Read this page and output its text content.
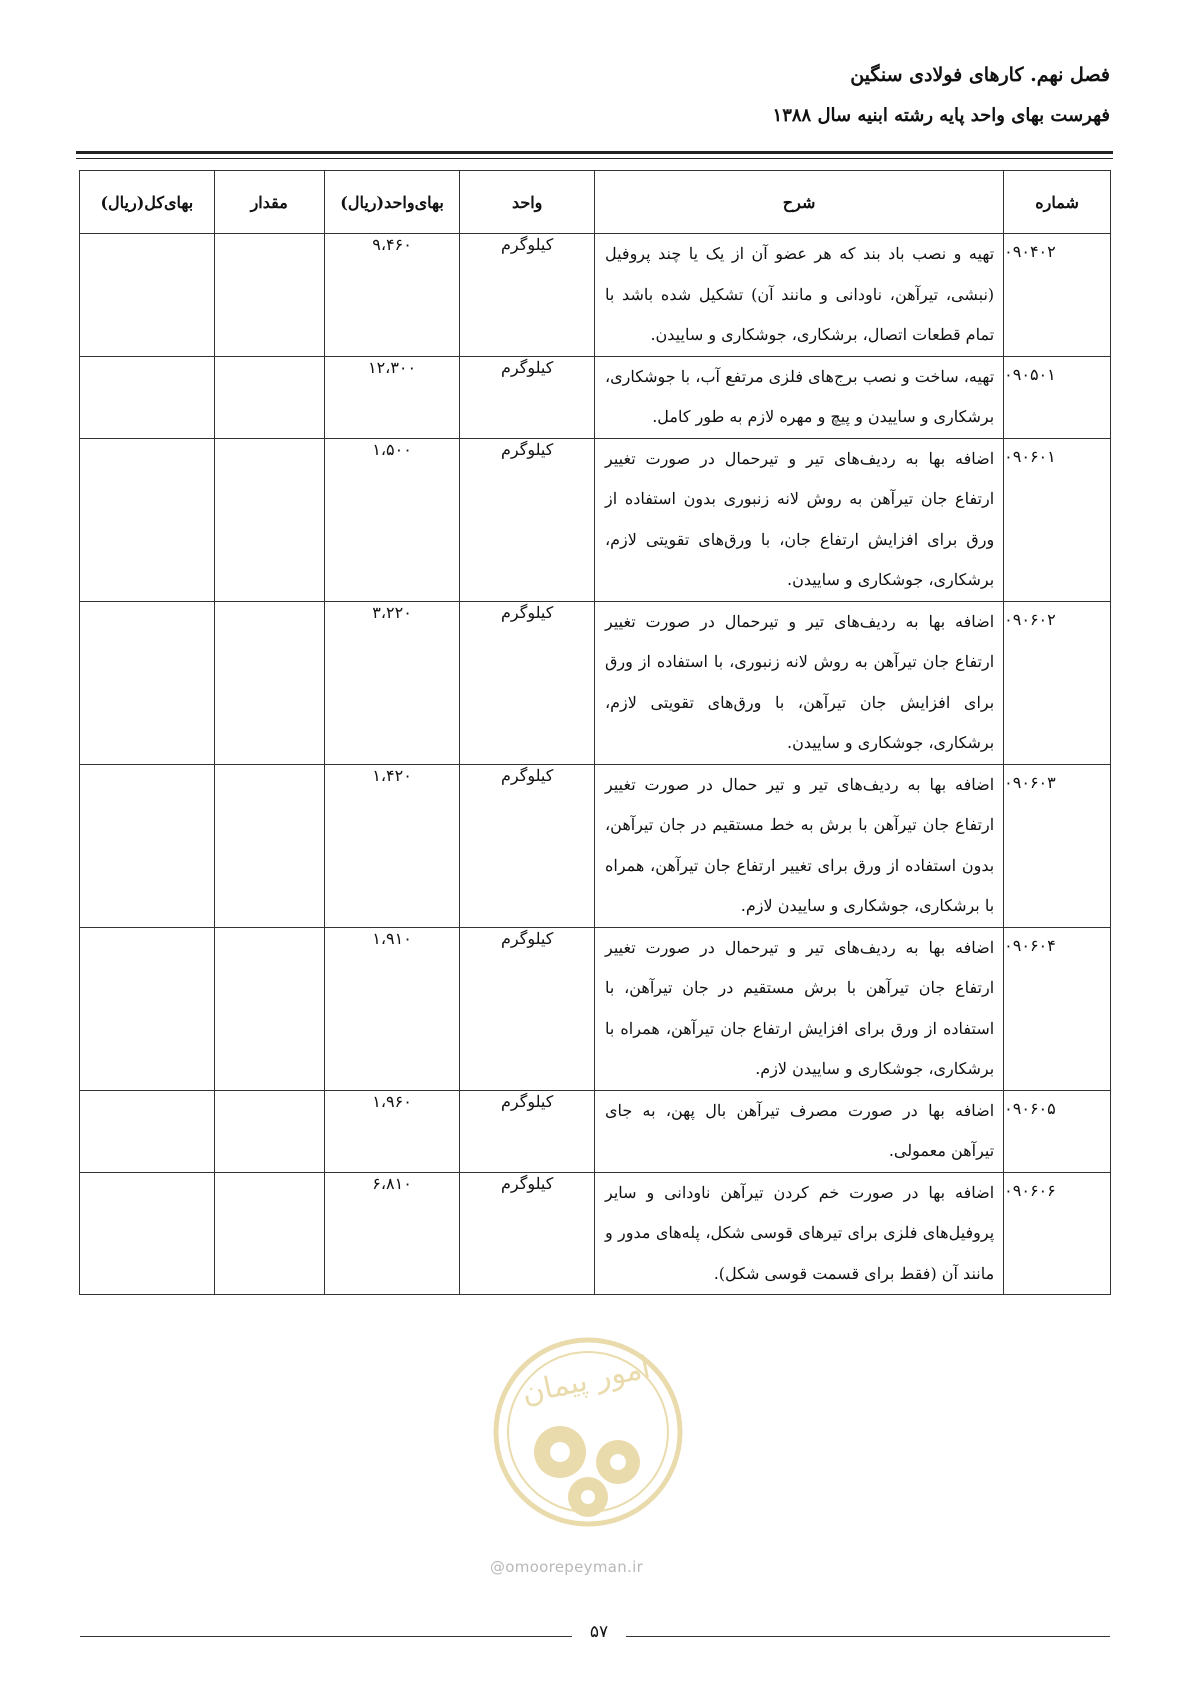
فصل نهم. کارهای فولادی سنگین
فهرست بهای واحد پایه رشته ابنیه سال ۱۳۸۸
شماره	شرح	واحد	بهای‌واحد(ریال)	مقدار	بهای‌کل(ریال)
۰۹۰۴۰۲	تهیه و نصب باد بند که هر عضو آن از یک یا چند پروفیل (نبشی، تیرآهن، ناودانی و مانند آن) تشکیل شده باشد با تمام قطعات اتصال، برشکاری، جوشکاری و ساییدن.	کیلوگرم	۹،۴۶۰		
۰۹۰۵۰۱	تهیه، ساخت و نصب برج‌های فلزی مرتفع آب، با جوشکاری، برشکاری و ساییدن و پیچ و مهره لازم به طور کامل.	کیلوگرم	۱۲،۳۰۰		
۰۹۰۶۰۱	اضافه بها به ردیف‌های تیر و تیرحمال در صورت تغییر ارتفاع جان تیرآهن به روش لانه زنبوری بدون استفاده از ورق برای افزایش ارتفاع جان، با ورق‌های تقویتی لازم، برشکاری، جوشکاری و ساییدن.	کیلوگرم	۱،۵۰۰		
۰۹۰۶۰۲	اضافه بها به ردیف‌های تیر و تیرحمال در صورت تغییر ارتفاع جان تیرآهن به روش لانه زنبوری، با استفاده از ورق برای افزایش جان تیرآهن، با ورق‌های تقویتی لازم، برشکاری، جوشکاری و ساییدن.	کیلوگرم	۳،۲۲۰		
۰۹۰۶۰۳	اضافه بها به ردیف‌های تیر و تیر حمال در صورت تغییر ارتفاع جان تیرآهن با برش به خط مستقیم در جان تیرآهن، بدون استفاده از ورق برای تغییر ارتفاع جان تیرآهن، همراه با برشکاری، جوشکاری و ساییدن لازم.	کیلوگرم	۱،۴۲۰		
۰۹۰۶۰۴	اضافه بها به ردیف‌های تیر و تیرحمال در صورت تغییر ارتفاع جان تیرآهن با برش مستقیم در جان تیرآهن، با استفاده از ورق برای افزایش ارتفاع جان تیرآهن، همراه با برشکاری، جوشکاری و ساییدن لازم.	کیلوگرم	۱،۹۱۰		
۰۹۰۶۰۵	اضافه بها در صورت مصرف تیرآهن بال پهن، به جای تیرآهن معمولی.	کیلوگرم	۱،۹۶۰		
۰۹۰۶۰۶	اضافه بها در صورت خم کردن تیرآهن ناودانی و سایر پروفیل‌های فلزی برای تیرهای قوسی شکل، پله‌های مدور و مانند آن (فقط برای قسمت قوسی شکل).	کیلوگرم	۶،۸۱۰		
امور پیمان
@omoorepeyman.ir
۵۷
